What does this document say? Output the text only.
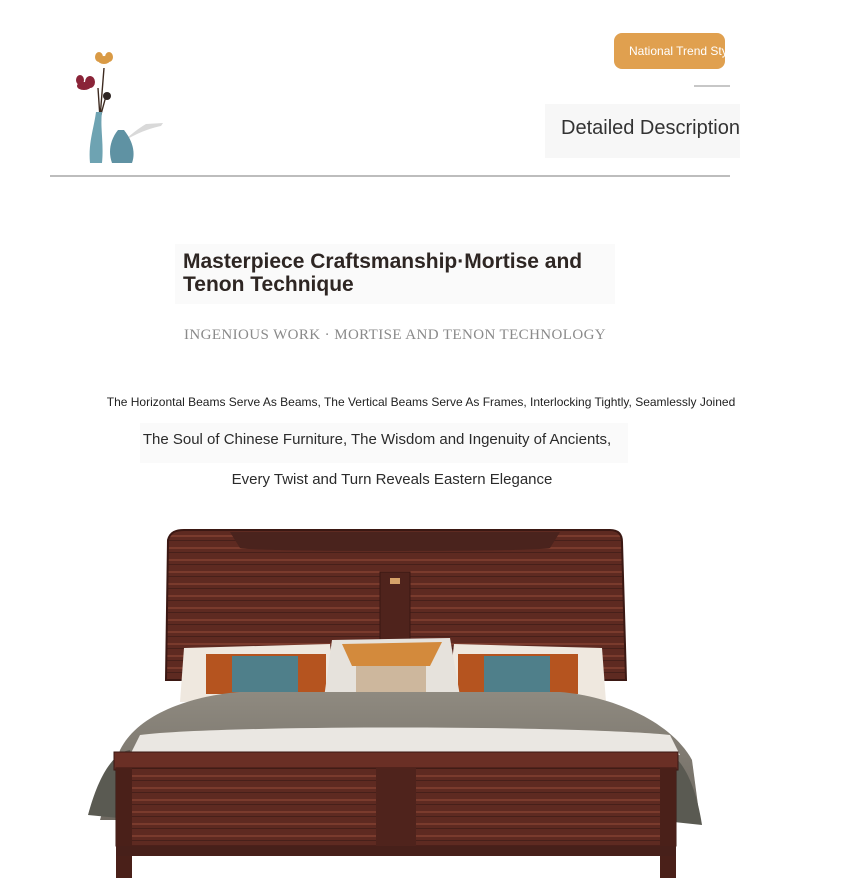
National Trend Style
Detailed Description
Masterpiece Craftsmanship·Mortise and Tenon Technique
INGENIOUS WORK · MORTISE AND TENON TECHNOLOGY
The Horizontal Beams Serve As Beams, The Vertical Beams Serve As Frames, Interlocking Tightly, Seamlessly Joined
The Soul of Chinese Furniture, The Wisdom and Ingenuity of Ancients,
Every Twist and Turn Reveals Eastern Elegance
